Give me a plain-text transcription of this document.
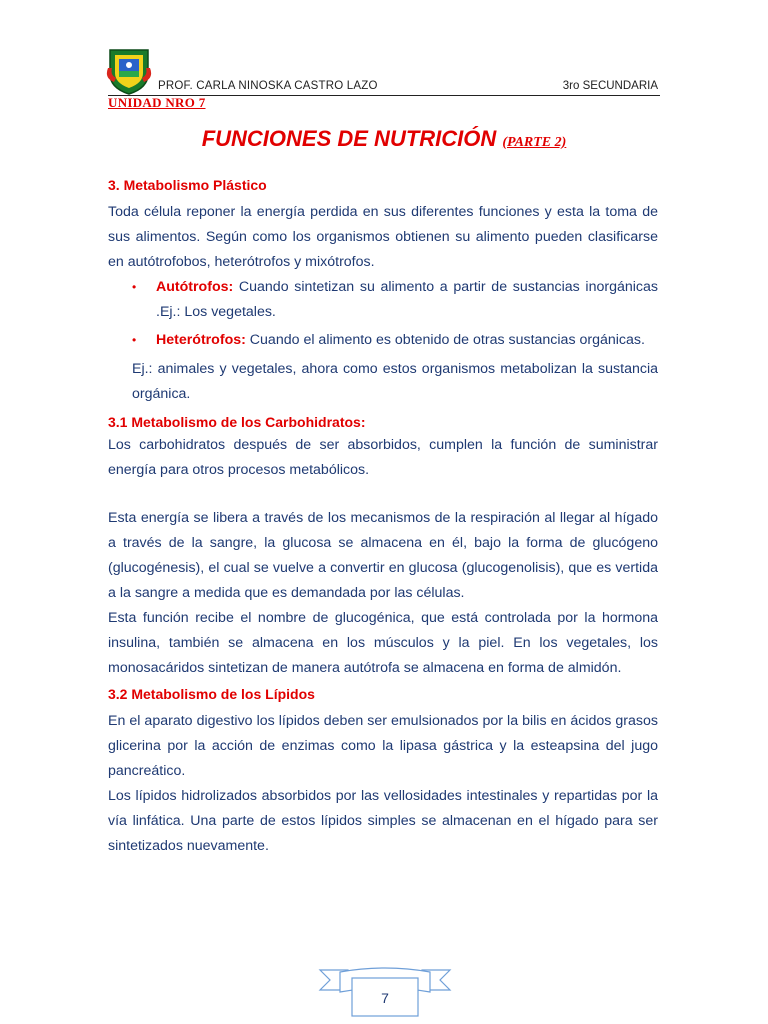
PROF. CARLA NINOSKA CASTRO LAZO	3ro SECUNDARIA
UNIDAD NRO 7
FUNCIONES DE NUTRICIÓN (PARTE 2)

3. Metabolismo Plástico

Toda célula reponer la energía perdida en sus diferentes funciones y esta la toma de sus alimentos. Según como los organismos obtienen su alimento pueden clasificarse en autótrofobos, heterótrofos y mixótrofos.

• Autótrofos: Cuando sintetizan su alimento a partir de sustancias inorgánicas .Ej.: Los vegetales.
• Heterótrofos: Cuando el alimento es obtenido de otras sustancias orgánicas.

Ej.: animales y vegetales, ahora como estos organismos metabolizan la sustancia orgánica.

3.1 Metabolismo de los Carbohidratos:

Los carbohidratos después de ser absorbidos, cumplen la función de suministrar energía para otros procesos metabólicos.

Esta energía se libera a través de los mecanismos de la respiración al llegar al hígado a través de la sangre, la glucosa se almacena en él, bajo la forma de glucógeno (glucogénesis), el cual se vuelve a convertir en glucosa (glucogenolisis), que es vertida a la sangre a medida que es demandada por las células.

Esta función recibe el nombre de glucogénica, que está controlada por la hormona insulina, también se almacena en los músculos y la piel. En los vegetales, los monosacáridos sintetizan de manera autótrofa se almacena en forma de almidón.

3.2 Metabolismo de los Lípidos

En el aparato digestivo los lípidos deben ser emulsionados por la bilis en ácidos grasos glicerina por la acción de enzimas como la lipasa gástrica y la esteapsina del jugo pancreático.

Los lípidos hidrolizados absorbidos por las vellosidades intestinales y repartidas por la vía linfática. Una parte de estos lípidos simples se almacenan en el hígado para ser sintetizados nuevamente.

7
